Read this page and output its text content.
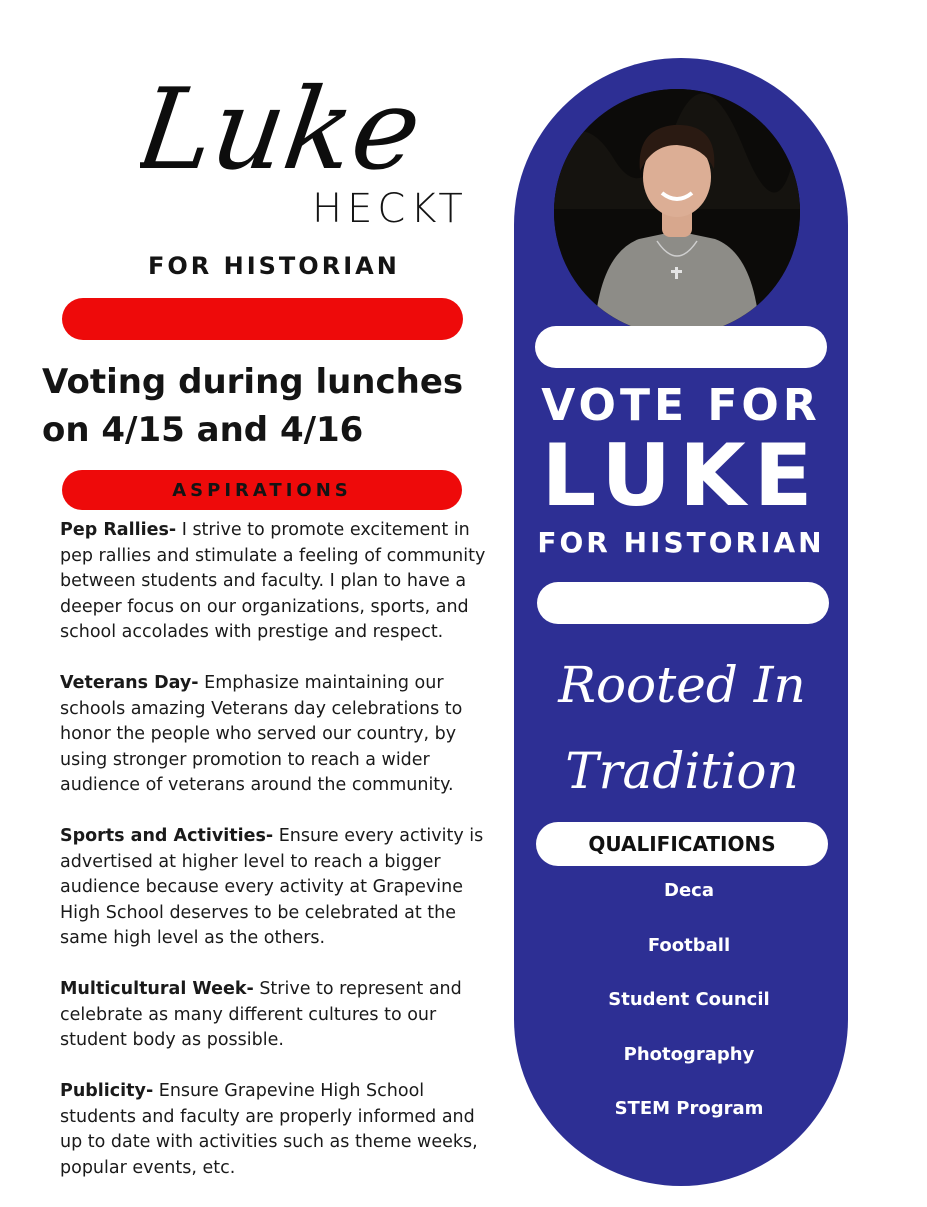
Luke
HECKT
FOR HISTORIAN
Voting during lunches
on 4/15 and 4/16
ASPIRATIONS

Pep Rallies- I strive to promote excitement in pep rallies and stimulate a feeling of community between students and faculty. I plan to have a deeper focus on our organizations, sports, and school accolades with prestige and respect.

Veterans Day- Emphasize maintaining our schools amazing Veterans day celebrations to honor the people who served our country, by using stronger promotion to reach a wider audience of veterans around the community.

Sports and Activities- Ensure every activity is advertised at higher level to reach a bigger audience because every activity at Grapevine High School deserves to be celebrated at the same high level as the others.

Multicultural Week- Strive to represent and celebrate as many different cultures to our student body as possible.

Publicity- Ensure Grapevine High School students and faculty are properly informed and up to date with activities such as theme weeks, popular events, etc.

VOTE FOR
LUKE
FOR HISTORIAN
Rooted In
Tradition
QUALIFICATIONS
Deca
Football
Student Council
Photography
STEM Program
